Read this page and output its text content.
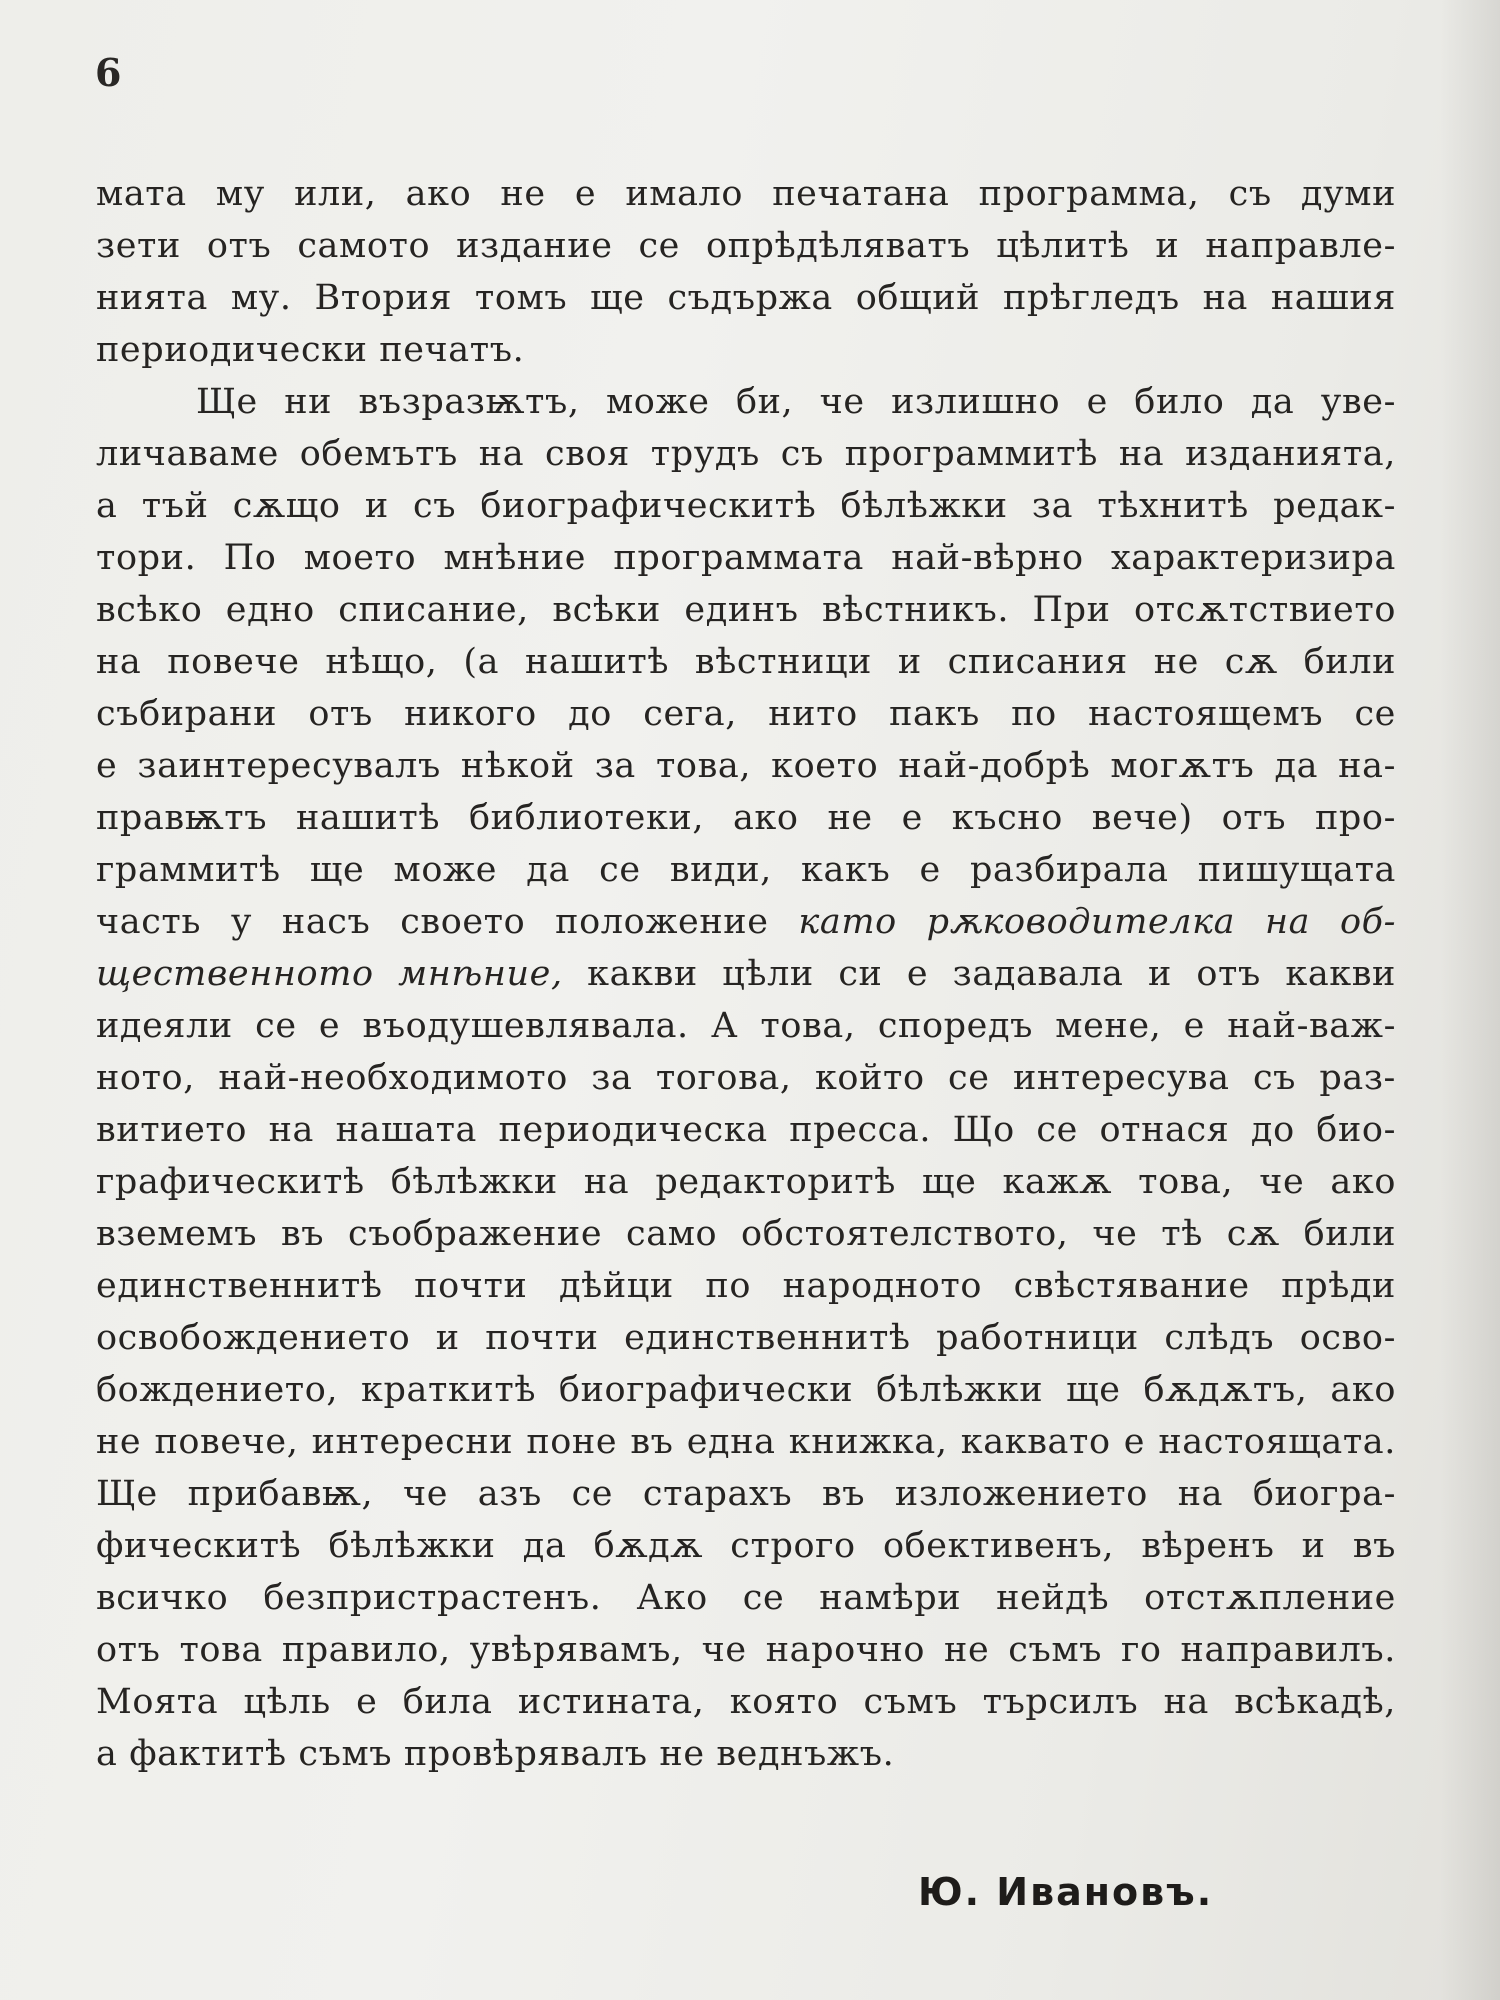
6
мата му или, ако не е имало печатана программа, съ думи
зети отъ самото издание се опрѣдѣляватъ цѣлитѣ и направле-
нията му. Втория томъ ще съдържа общий прѣгледъ на нашия
периодически печатъ.
Ще ни възразѭтъ, може би, че излишно е било да уве-
личаваме обемътъ на своя трудъ съ программитѣ на изданията,
а тъй сѫщо и съ биографическитѣ бѣлѣжки за тѣхнитѣ редак-
тори. По моето мнѣние программата най-вѣрно характеризира
всѣко едно списание, всѣки единъ вѣстникъ. При отсѫтствието
на повече нѣщо, (а нашитѣ вѣстници и списания не сѫ били
събирани отъ никого до сега, нито пакъ по настоящемъ се
е заинтересувалъ нѣкой за това, което най-добрѣ могѫтъ да на-
правѭтъ нашитѣ библиотеки, ако не е късно вече) отъ про-
граммитѣ ще може да се види, какъ е разбирала пишущата
часть у насъ своето положение като рѫководителка на об-
щественното мнѣние, какви цѣли си е задавала и отъ какви
идеяли се е въодушевлявала. А това, споредъ мене, е най-важ-
ното, най-необходимото за тогова, който се интересува съ раз-
витието на нашата периодическа пресса. Що се отнася до био-
графическитѣ бѣлѣжки на редакторитѣ ще кажѫ това, че ако
вземемъ въ съображение само обстоятелството, че тѣ сѫ били
единственнитѣ почти дѣйци по народното свѣстявание прѣди
освобождението и почти единственнитѣ работници слѣдъ осво-
бождението, краткитѣ биографически бѣлѣжки ще бѫдѫтъ, ако
не повече, интересни поне въ една книжка, каквато е настоящата.
Ще прибавѭ, че азъ се старахъ въ изложението на биогра-
фическитѣ бѣлѣжки да бѫдѫ строго обективенъ, вѣренъ и въ
всичко безпристрастенъ. Ако се намѣри нейдѣ отстѫпление
отъ това правило, увѣрявамъ, че нарочно не съмъ го направилъ.
Моята цѣль е била истината, която съмъ търсилъ на всѣкадѣ,
а фактитѣ съмъ провѣрявалъ не веднъжъ.
Ю. Ивановъ.
